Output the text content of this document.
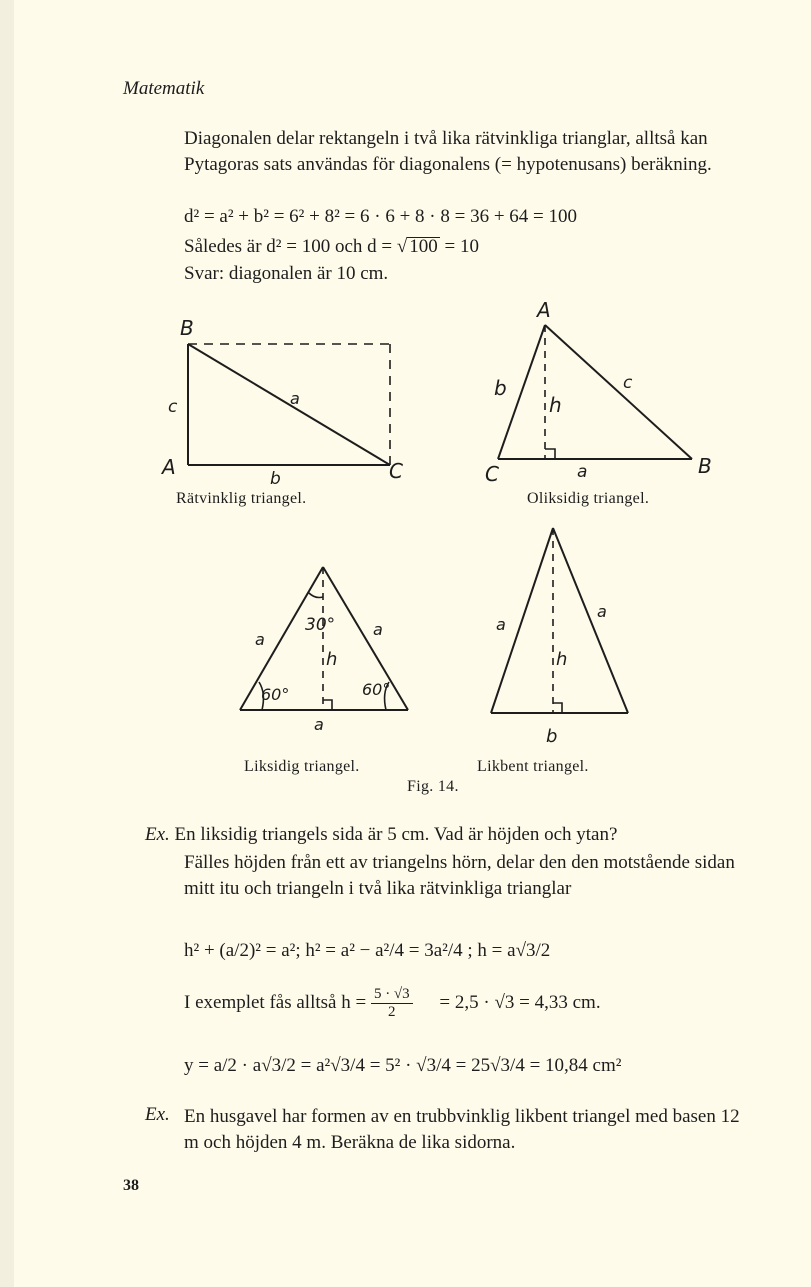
Matematik
Diagonalen delar rektangeln i två lika rätvinkliga trianglar, alltså kan Pytagoras sats användas för diagonalens (= hypotenusans) beräkning.
d² = a² + b² = 6² + 8² = 6 · 6 + 8 · 8 = 36 + 64 = 100
Således är d² = 100 och d = √ 100 = 10
Svar: diagonalen är 10 cm.
B
A	C
c	a
b
Rätvinklig triangel.
A
B
C
b
h
c
a
Oliksidig triangel.
30°
a
a
h
60°	60°
a
Liksidig triangel.
a
a
h
b
Likbent triangel.
Fig. 14.
Ex. En liksidig triangels sida är 5 cm. Vad är höjden och ytan?
Fälles höjden från ett av triangelns hörn, delar den den motstående sidan mitt itu och triangeln i två lika rätvinkliga trianglar
h² + (a/2)² = a²; h² = a² − a²/4 = 3a²/4 ; h = a√3/2
I exemplet fås alltså $h = \frac{5 \cdot √3}{2} = 2,5 \cdot √3 = 4,33$ cm.
y = a/2 · a√3/2 = a²√3/4 = 5² · √3/4 = 25√3/4 = 10,84 cm²
Ex. En husgavel har formen av en trubbvinklig likbent triangel med basen 12 m och höjden 4 m. Beräkna de lika sidorna.
38
